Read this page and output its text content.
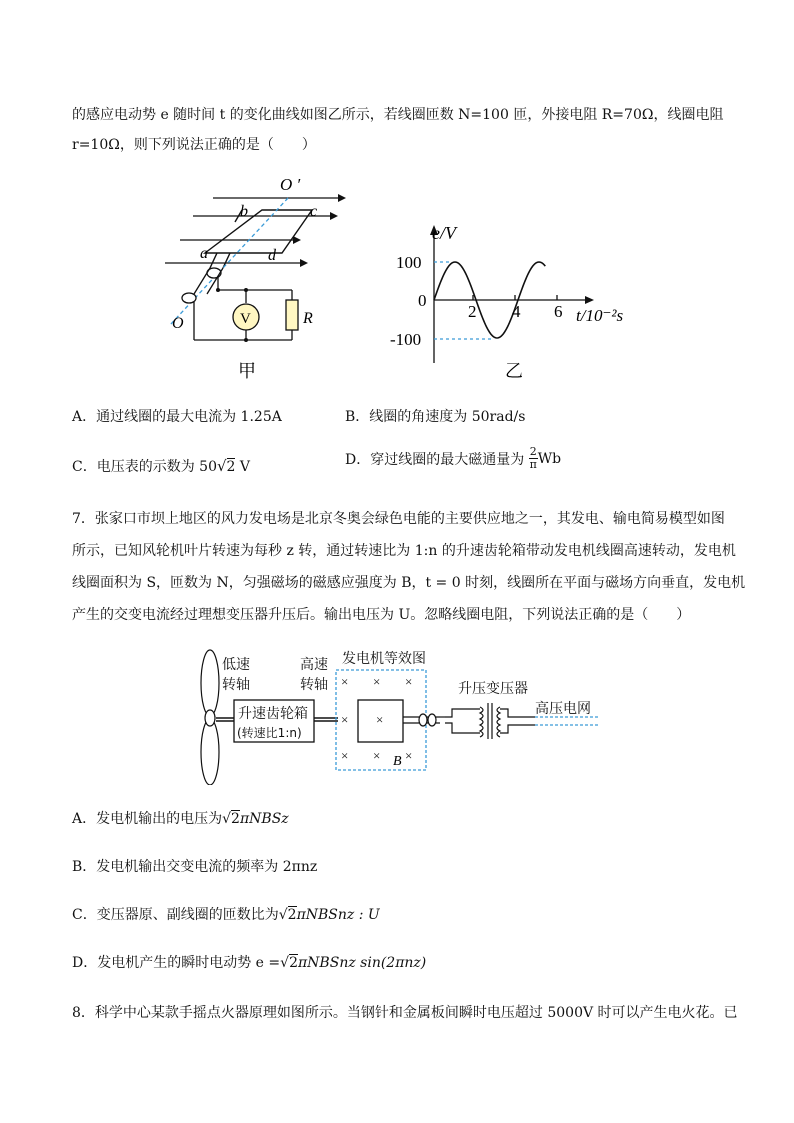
的感应电动势 e 随时间 t 的变化曲线如图乙所示，若线圈匝数 N=100 匝，外接电阻 R=70Ω，线圈电阻
r=10Ω，则下列说法正确的是（　　）
O ′
O
b	c
a	d
V	R
甲
e/V
100
0
-100
2 4 6 t/10⁻²s
乙
A．通过线圈的最大电流为 1.25A	B．线圈的角速度为 50rad/s
C．电压表的示数为 50√2 V	D．穿过线圈的最大磁通量为 $\frac{2}{\pi}$ Wb
7．张家口市坝上地区的风力发电场是北京冬奥会绿色电能的主要供应地之一，其发电、输电简易模型如图
所示，已知风轮机叶片转速为每秒 z 转，通过转速比为 1:n 的升速齿轮箱带动发电机线圈高速转动，发电机
线圈面积为 S，匝数为 N，匀强磁场的磁感应强度为 B，t = 0 时刻，线圈所在平面与磁场方向垂直，发电机
产生的交变电流经过理想变压器升压后。输出电压为 U。忽略线圈电阻，下列说法正确的是（　　）
× × ×
× ×
× × ×
B
低速
转轴
高速
转轴
升速齿轮箱
(转速比1:n)
发电机等效图
升压变压器
高压电网
A．发电机输出的电压为√2πNBSz
B．发电机输出交变电流的频率为 2πnz
C．变压器原、副线圈的匝数比为√2πNBSnz : U
D．发电机产生的瞬时电动势 e =√2πNBSnz sin(2πnz)
8．科学中心某款手摇点火器原理如图所示。当钢针和金属板间瞬时电压超过 5000V 时可以产生电火花。已
